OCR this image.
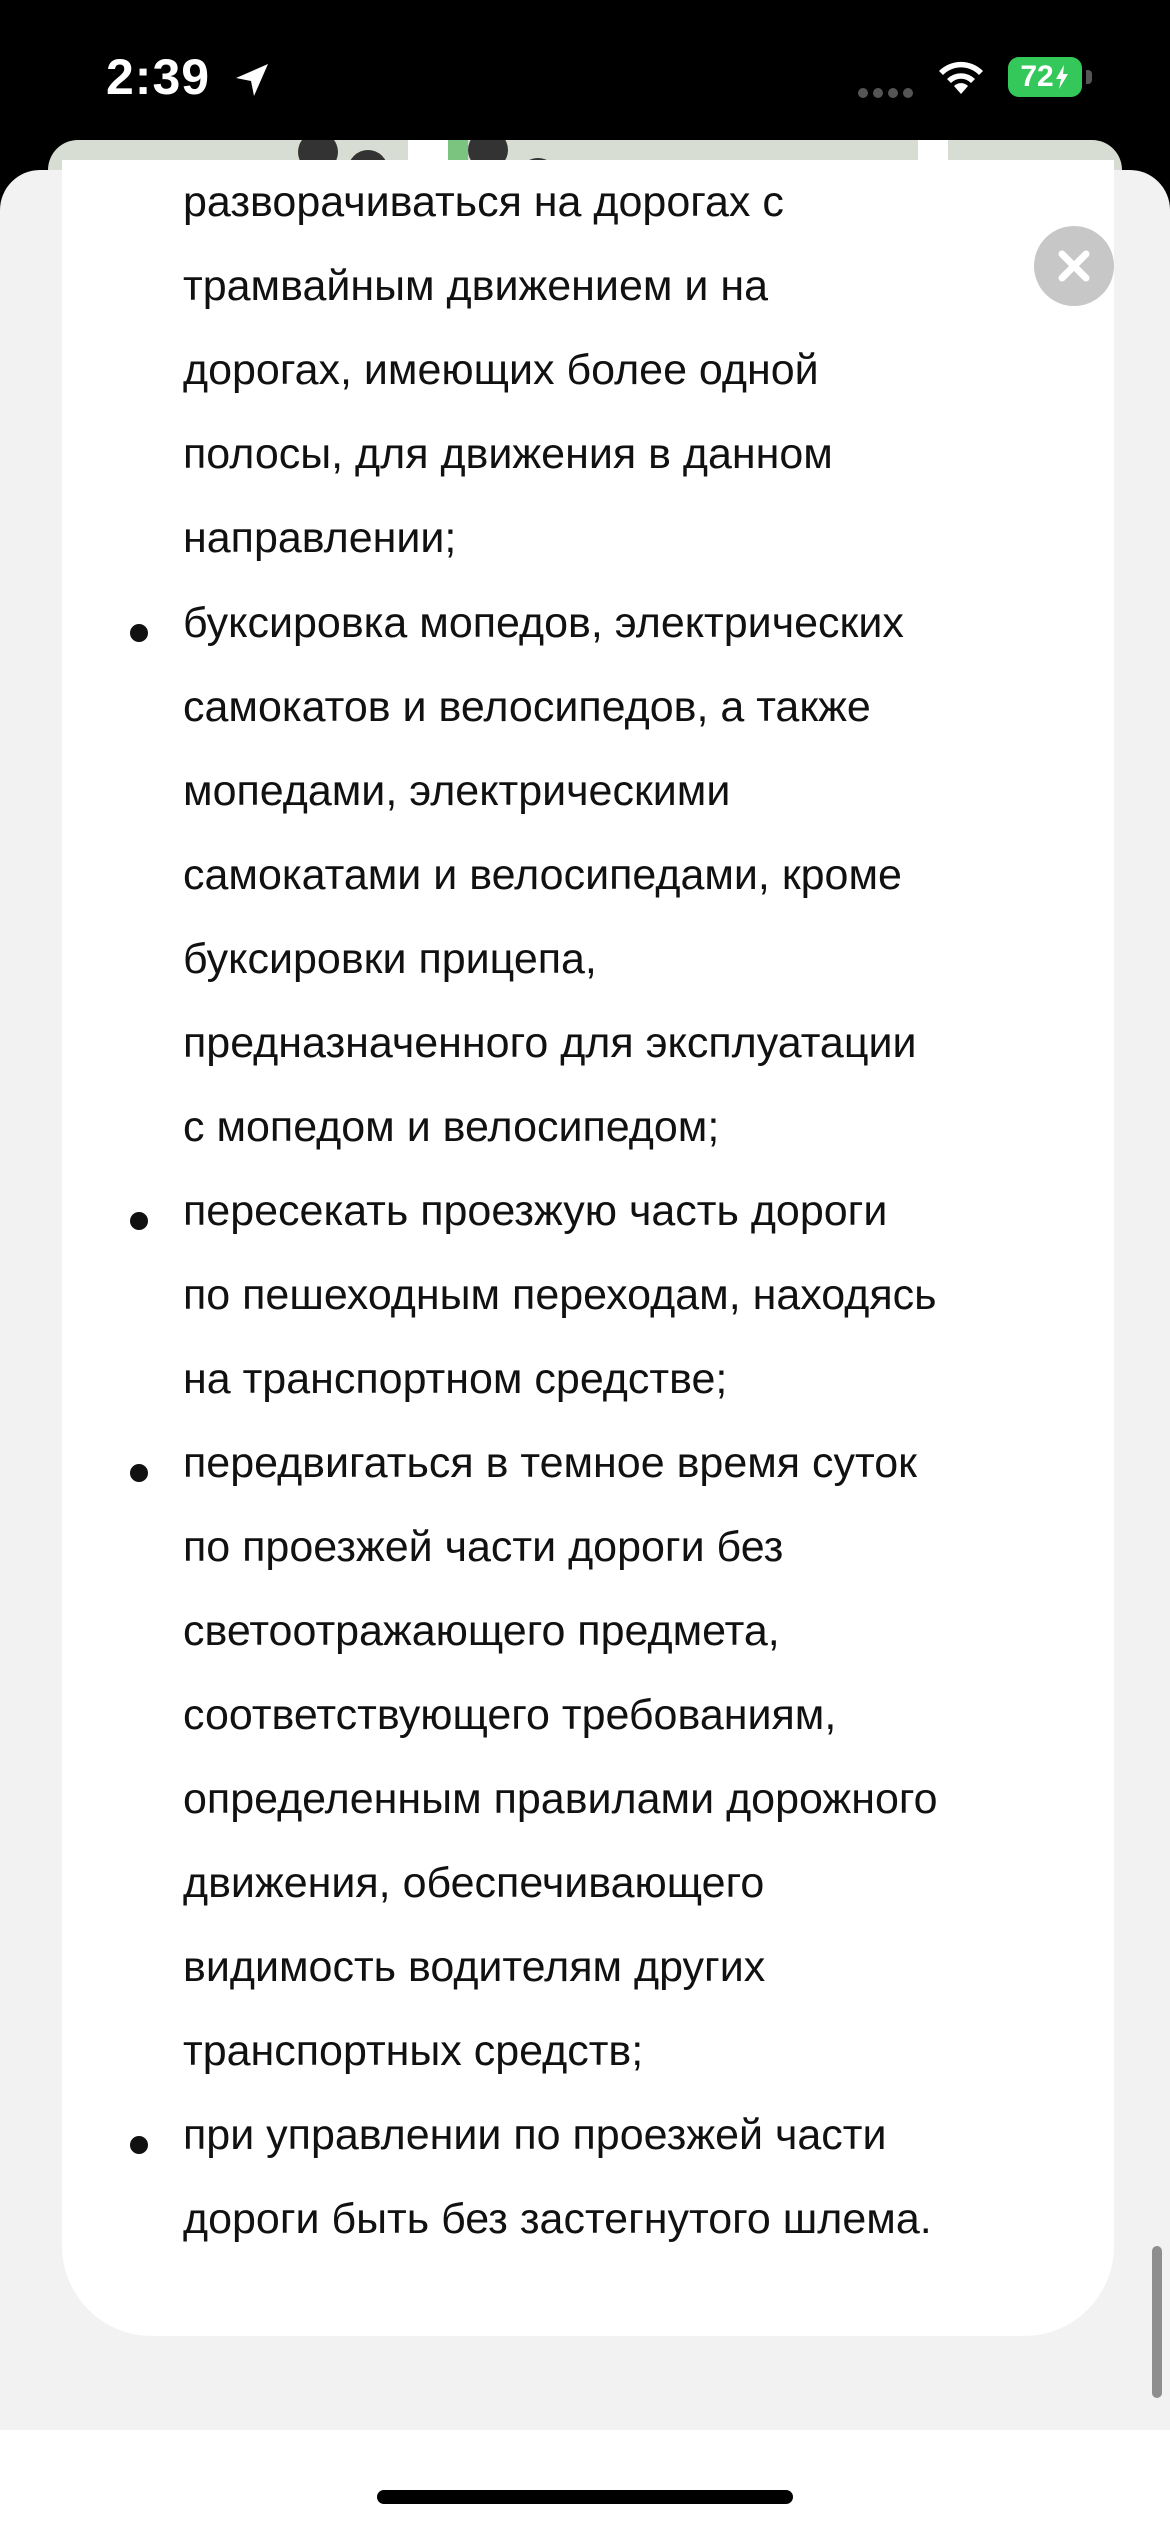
2:39	72
разворачиваться на дорогах с
трамвайным движением и на
дорогах, имеющих более одной
полосы, для движения в данном
направлении;
буксировка мопедов, электрических
самокатов и велосипедов, а также
мопедами, электрическими
самокатами и велосипедами, кроме
буксировки прицепа,
предназначенного для эксплуатации
с мопедом и велосипедом;
пересекать проезжую часть дороги
по пешеходным переходам, находясь
на транспортном средстве;
передвигаться в темное время суток
по проезжей части дороги без
светоотражающего предмета,
соответствующего требованиям,
определенным правилами дорожного
движения, обеспечивающего
видимость водителям других
транспортных средств;
при управлении по проезжей части
дороги быть без застегнутого шлема.
